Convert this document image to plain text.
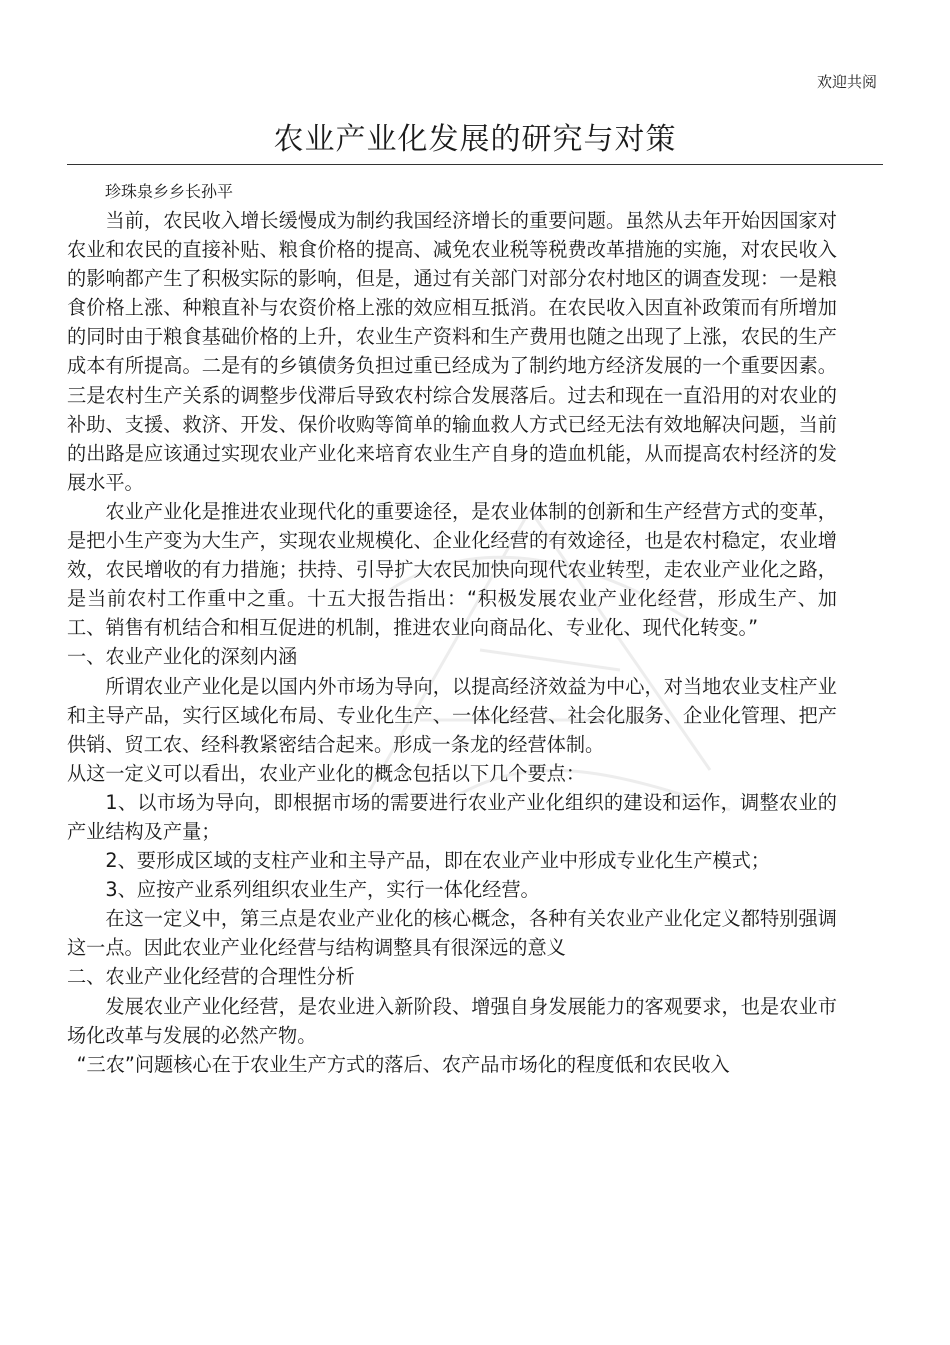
欢迎共阅
农业产业化发展的研究与对策
珍珠泉乡乡长孙平

当前，农民收入增长缓慢成为制约我国经济增长的重要问题。虽然从去年开始因国家对农业和农民的直接补贴、粮食价格的提高、减免农业税等税费改革措施的实施，对农民收入的影响都产生了积极实际的影响，但是，通过有关部门对部分农村地区的调查发现：一是粮食价格上涨、种粮直补与农资价格上涨的效应相互抵消。在农民收入因直补政策而有所增加的同时由于粮食基础价格的上升，农业生产资料和生产费用也随之出现了上涨，农民的生产成本有所提高。二是有的乡镇债务负担过重已经成为了制约地方经济发展的一个重要因素。三是农村生产关系的调整步伐滞后导致农村综合发展落后。过去和现在一直沿用的对农业的补助、支援、救济、开发、保价收购等简单的输血救人方式已经无法有效地解决问题，当前的出路是应该通过实现农业产业化来培育农业生产自身的造血机能，从而提高农村经济的发展水平。

农业产业化是推进农业现代化的重要途径，是农业体制的创新和生产经营方式的变革，是把小生产变为大生产，实现农业规模化、企业化经营的有效途径，也是农村稳定，农业增效，农民增收的有力措施；扶持、引导扩大农民加快向现代农业转型，走农业产业化之路，是当前农村工作重中之重。十五大报告指出：“积极发展农业产业化经营，形成生产、加工、销售有机结合和相互促进的机制，推进农业向商品化、专业化、现代化转变。”

一、农业产业化的深刻内涵

所谓农业产业化是以国内外市场为导向，以提高经济效益为中心，对当地农业支柱产业和主导产品，实行区域化布局、专业化生产、一体化经营、社会化服务、企业化管理、把产供销、贸工农、经科教紧密结合起来。形成一条龙的经营体制。

从这一定义可以看出，农业产业化的概念包括以下几个要点：

1、以市场为导向，即根据市场的需要进行农业产业化组织的建设和运作，调整农业的产业结构及产量；

2、要形成区域的支柱产业和主导产品，即在农业产业中形成专业化生产模式；

3、应按产业系列组织农业生产，实行一体化经营。

在这一定义中，第三点是农业产业化的核心概念，各种有关农业产业化定义都特别强调这一点。因此农业产业化经营与结构调整具有很深远的意义

二、农业产业化经营的合理性分析

发展农业产业化经营，是农业进入新阶段、增强自身发展能力的客观要求，也是农业市场化改革与发展的必然产物。

“三农”问题核心在于农业生产方式的落后、农产品市场化的程度低和农民收入
